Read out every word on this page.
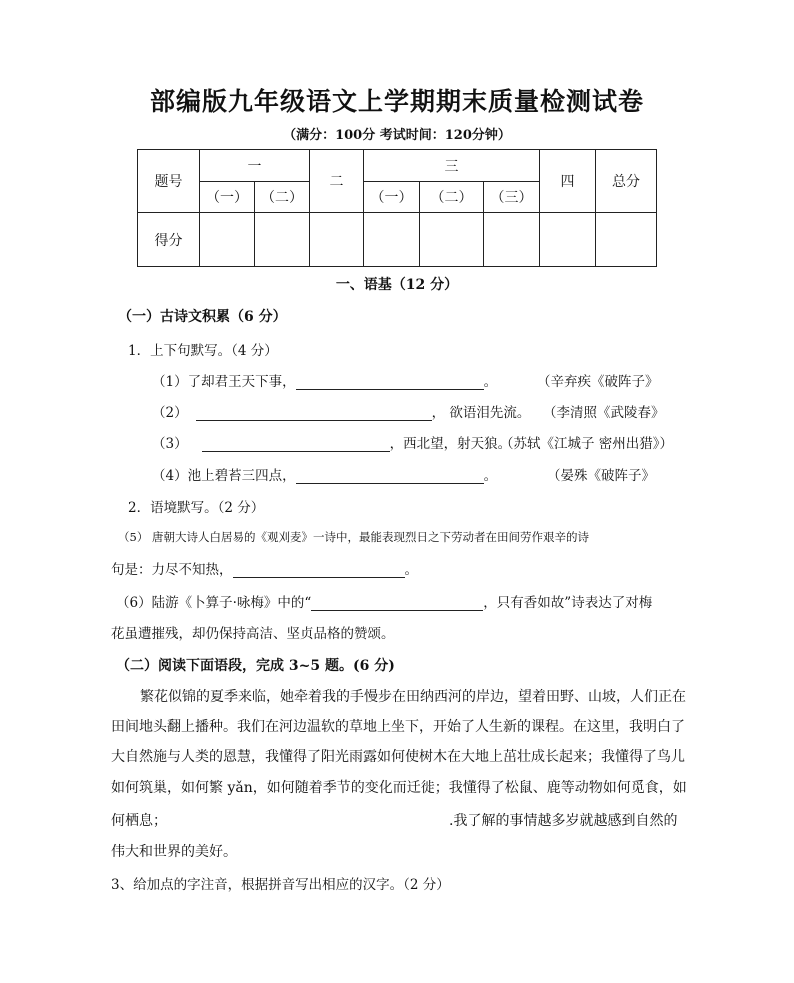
部编版九年级语文上学期期末质量检测试卷
（满分：100分 考试时间：120分钟）
题号	一		二	三			四	总分
	（一）	（二）		（一）	（二）	（三）		
得分								
一、语基（12 分）
（一）古诗文积累（6 分）
1．上下句默写。（4 分）
（1）了却君王天下事，	。	（辛弃疾《破阵子》
（2）	， 欲语泪先流。 （李清照《武陵春》
（3）	，西北望，射天狼。
（苏轼《江城子 密州出猎》）
（4）池上碧苔三四点，	。	（晏殊《破阵子》
2．语境默写。（2 分）
（5） 唐朝大诗人白居易的《观刈麦》一诗中，最能表现烈日之下劳动者在田间劳作艰辛的诗
句是：力尽不知热，	。
（6）陆游《卜算子·咏梅》中的“	，只有香如故”诗表达了对梅
花虽遭摧残，却仍保持高洁、坚贞品格的赞颂。
（二）阅读下面语段，完成 3~5 题。(6 分)
繁花似锦的夏季来临，她牵着我的手慢步在田纳西河的岸边，望着田野、山坡，人们正在
田间地头翻上播种。我们在河边温软的草地上坐下，开始了人生新的课程。在这里，我明白了
大自然施与人类的恩慧，我懂得了阳光雨露如何使树木在大地上茁壮成长起来；我懂得了鸟儿
如何筑巢，如何繁 yǎn，如何随着季节的变化而迁徙；我懂得了松鼠、鹿等动物如何觅食，如
何栖息；	.我了解的事情越多岁就越感到自然的
伟大和世界的美好。
3、给加点的字注音，根据拼音写出相应的汉字。（2 分）
